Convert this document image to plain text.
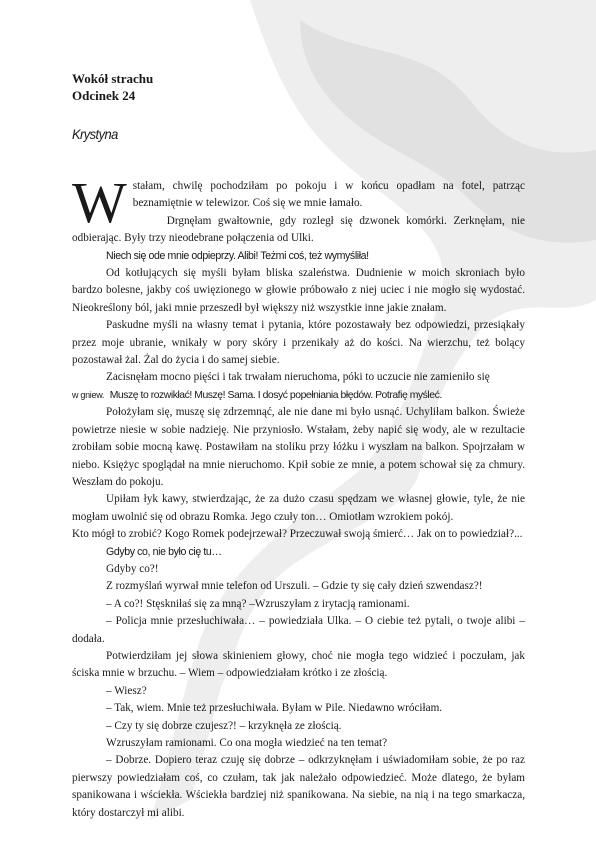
Wokół strachu
Odcinek 24
Krystyna
W stałam, chwilę pochodziłam po pokoju i w końcu opadłam na fotel, patrząc beznamiętnie w telewizor. Coś się we mnie łamało.

Drgnęłam gwałtownie, gdy rozległ się dzwonek komórki. Zerknęłam, nie odbierając. Były trzy nieodebrane połączenia od Ulki.

Niech się ode mnie odpieprzy. Alibi! Teżmi coś, też wymyśliła!

Od kotłujących się myśli byłam bliska szaleństwa. Dudnienie w moich skroniach było bardzo bolesne, jakby coś uwięzionego w głowie próbowało z niej uciec i nie mogło się wydostać. Nieokreślony ból, jaki mnie przeszedł był większy niż wszystkie inne jakie znałam.

Paskudne myśli na własny temat i pytania, które pozostawały bez odpowiedzi, przesiąkały przez moje ubranie, wnikały w pory skóry i przenikały aż do kości. Na wierzchu, też bolący pozostawał żal. Żal do życia i do samej siebie.

Zacisnęłam mocno pięści i tak trwałam nieruchoma, póki to uczucie nie zamieniło się

w gniew. Muszę to rozwikłać! Muszę! Sama. I dosyć popełniania błędów. Potrafię myśleć.

Położyłam się, muszę się zdrzemnąć, ale nie dane mi było usnąć. Uchyliłam balkon. Świeże powietrze niesie w sobie nadzieję. Nie przyniosło. Wstałam, żeby napić się wody, ale w rezultacie zrobiłam sobie mocną kawę. Postawiłam na stoliku przy łóżku i wyszłam na balkon. Spojrzałam w niebo. Księżyc spoglądał na mnie nieruchomo. Kpił sobie ze mnie, a potem schował się za chmury. Weszłam do pokoju.

Upiłam łyk kawy, stwierdzając, że za dużo czasu spędzam we własnej głowie, tyle, że nie mogłam uwolnić się od obrazu Romka. Jego czuły ton… Omiotłam wzrokiem pokój.

Kto mógł to zrobić? Kogo Romek podejrzewał? Przeczuwał swoją śmierć… Jak on to powiedział?...

Gdyby co, nie było cię tu…

Gdyby co?!

Z rozmyślań wyrwał mnie telefon od Urszuli. – Gdzie ty się cały dzień szwendasz?!

– A co?! Stęskniłaś się za mną? –Wzruszyłam z irytacją ramionami.

– Policja mnie przesłuchiwała… – powiedziała Ulka. – O ciebie też pytali, o twoje alibi – dodała.

Potwierdziłam jej słowa skinieniem głowy, choć nie mogła tego widzieć i poczułam, jak ściska mnie w brzuchu. – Wiem – odpowiedziałam krótko i ze złością.

– Wiesz?

– Tak, wiem. Mnie też przesłuchiwała. Byłam w Pile. Niedawno wróciłam.

– Czy ty się dobrze czujesz?! – krzyknęła ze złością.

Wzruszyłam ramionami. Co ona mogła wiedzieć na ten temat?

– Dobrze. Dopiero teraz czuję się dobrze – odkrzyknęłam i uświadomiłam sobie, że po raz pierwszy powiedziałam coś, co czułam, tak jak należało odpowiedzieć. Może dlatego, że byłam spanikowana i wściekła. Wściekła bardziej niż spanikowana. Na siebie, na nią i na tego smarkacza, który dostarczył mi alibi.
